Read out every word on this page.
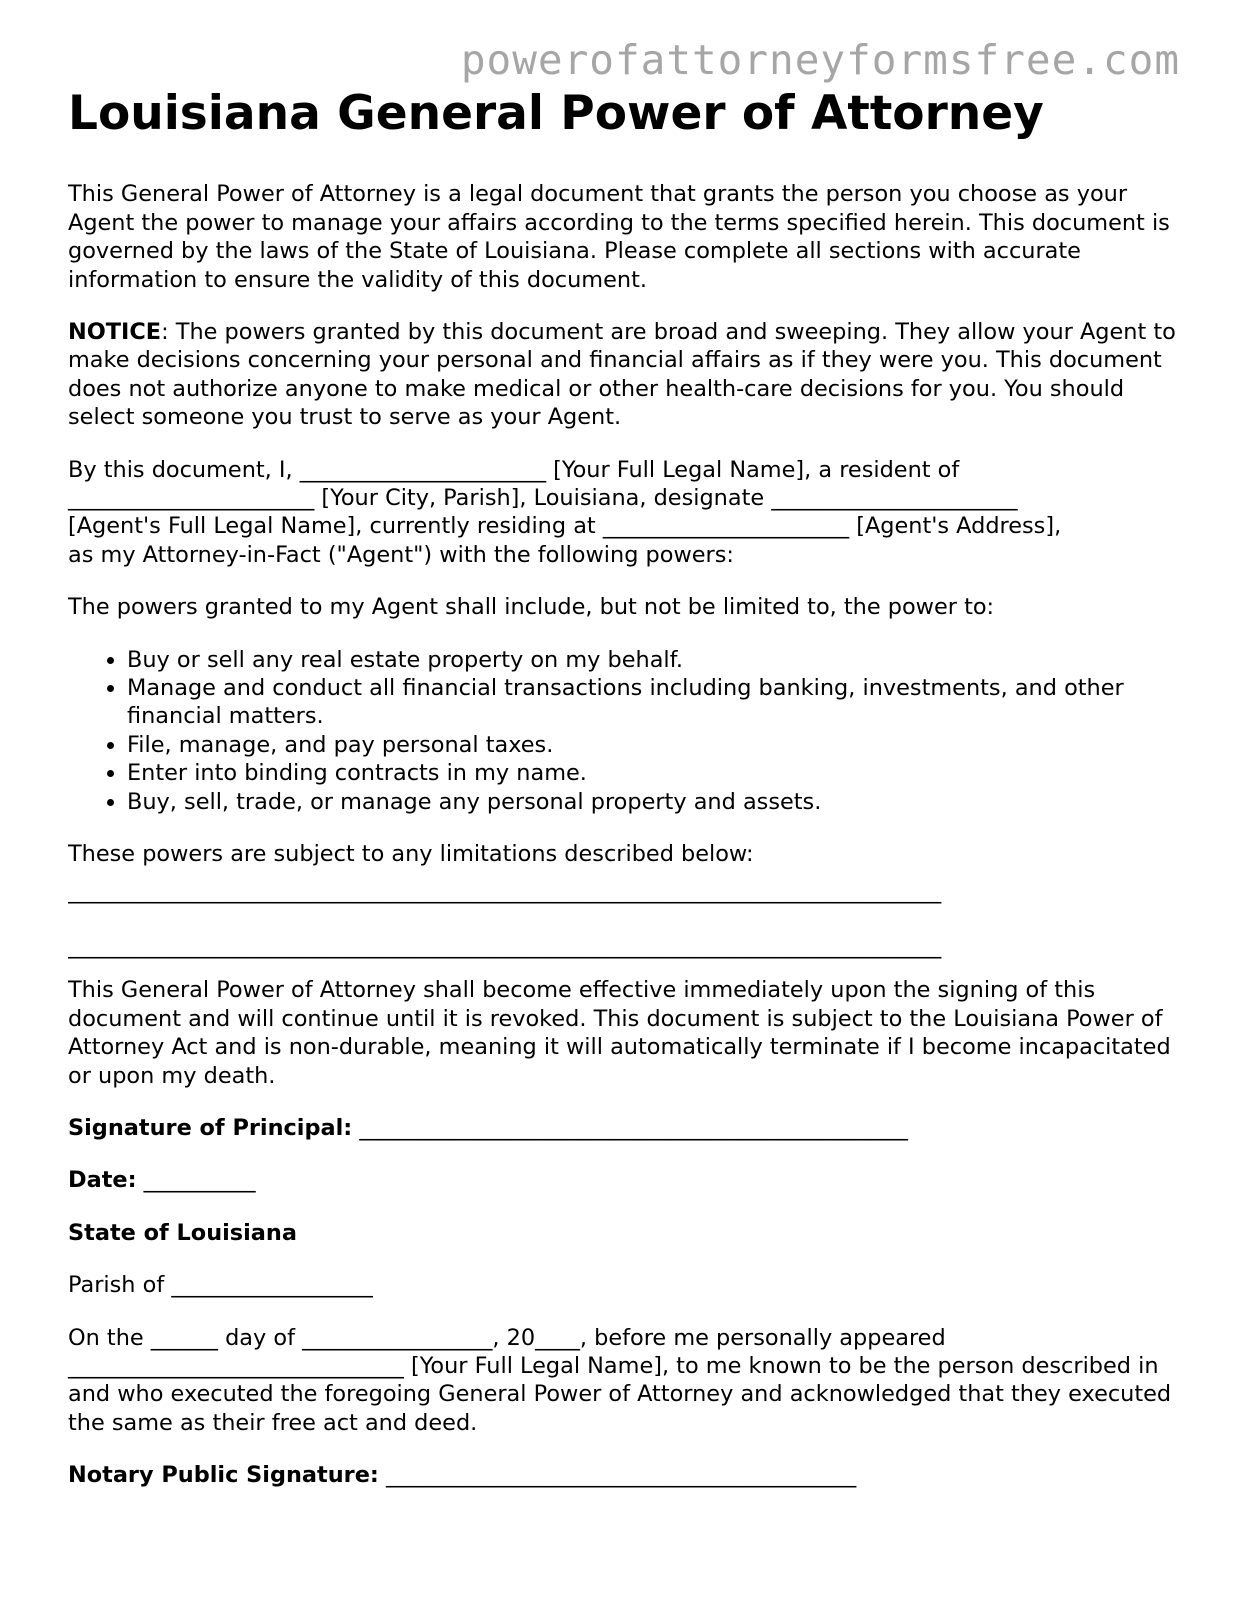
powerofattorneyformsfree.com

Louisiana General Power of Attorney

This General Power of Attorney is a legal document that grants the person you choose as your Agent the power to manage your affairs according to the terms specified herein. This document is governed by the laws of the State of Louisiana. Please complete all sections with accurate information to ensure the validity of this document.

NOTICE: The powers granted by this document are broad and sweeping. They allow your Agent to make decisions concerning your personal and financial affairs as if they were you. This document does not authorize anyone to make medical or other health-care decisions for you. You should select someone you trust to serve as your Agent.

By this document, I, ______________________ [Your Full Legal Name], a resident of
______________________ [Your City, Parish], Louisiana, designate ______________________
[Agent's Full Legal Name], currently residing at ______________________ [Agent's Address],
as my Attorney-in-Fact ("Agent") with the following powers:

The powers granted to my Agent shall include, but not be limited to, the power to:

• Buy or sell any real estate property on my behalf.
• Manage and conduct all financial transactions including banking, investments, and other financial matters.
• File, manage, and pay personal taxes.
• Enter into binding contracts in my name.
• Buy, sell, trade, or manage any personal property and assets.

These powers are subject to any limitations described below:

______________________________________________________________________________
______________________________________________________________________________

This General Power of Attorney shall become effective immediately upon the signing of this document and will continue until it is revoked. This document is subject to the Louisiana Power of Attorney Act and is non-durable, meaning it will automatically terminate if I become incapacitated or upon my death.

Signature of Principal: _________________________________________________

Date: __________

State of Louisiana

Parish of __________________

On the ______ day of _________________, 20____, before me personally appeared
______________________________ [Your Full Legal Name], to me known to be the person described in and who executed the foregoing General Power of Attorney and acknowledged that they executed the same as their free act and deed.

Notary Public Signature: __________________________________________
